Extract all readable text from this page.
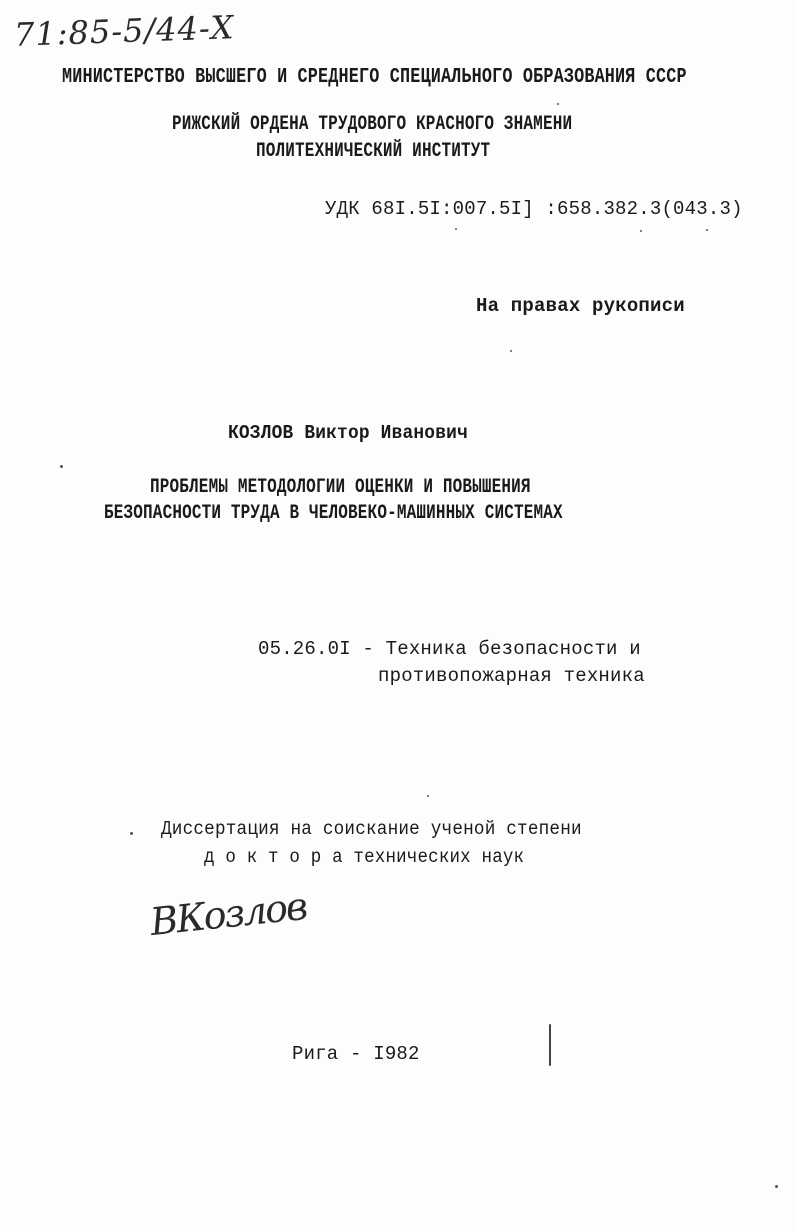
71:85-5/44-Х
МИНИСТЕРСТВО ВЫСШЕГО И СРЕДНЕГО СПЕЦИАЛЬНОГО ОБРАЗОВАНИЯ СССР
РИЖСКИЙ ОРДЕНА ТРУДОВОГО КРАСНОГО ЗНАМЕНИ
ПОЛИТЕХНИЧЕСКИЙ ИНСТИТУТ
УДК 68I.5I:007.5I] :658.382.3(043.3)
На правах рукописи
КОЗЛОВ Виктор Иванович
ПРОБЛЕМЫ МЕТОДОЛОГИИ ОЦЕНКИ И ПОВЫШЕНИЯ
БЕЗОПАСНОСТИ ТРУДА В ЧЕЛОВЕКО-МАШИННЫХ СИСТЕМАХ
05.26.0I - Техника безопасности и
противопожарная техника
Диссертация на соискание ученой степени
д о к т о р а технических наук
ВКозлов
Рига - I982
